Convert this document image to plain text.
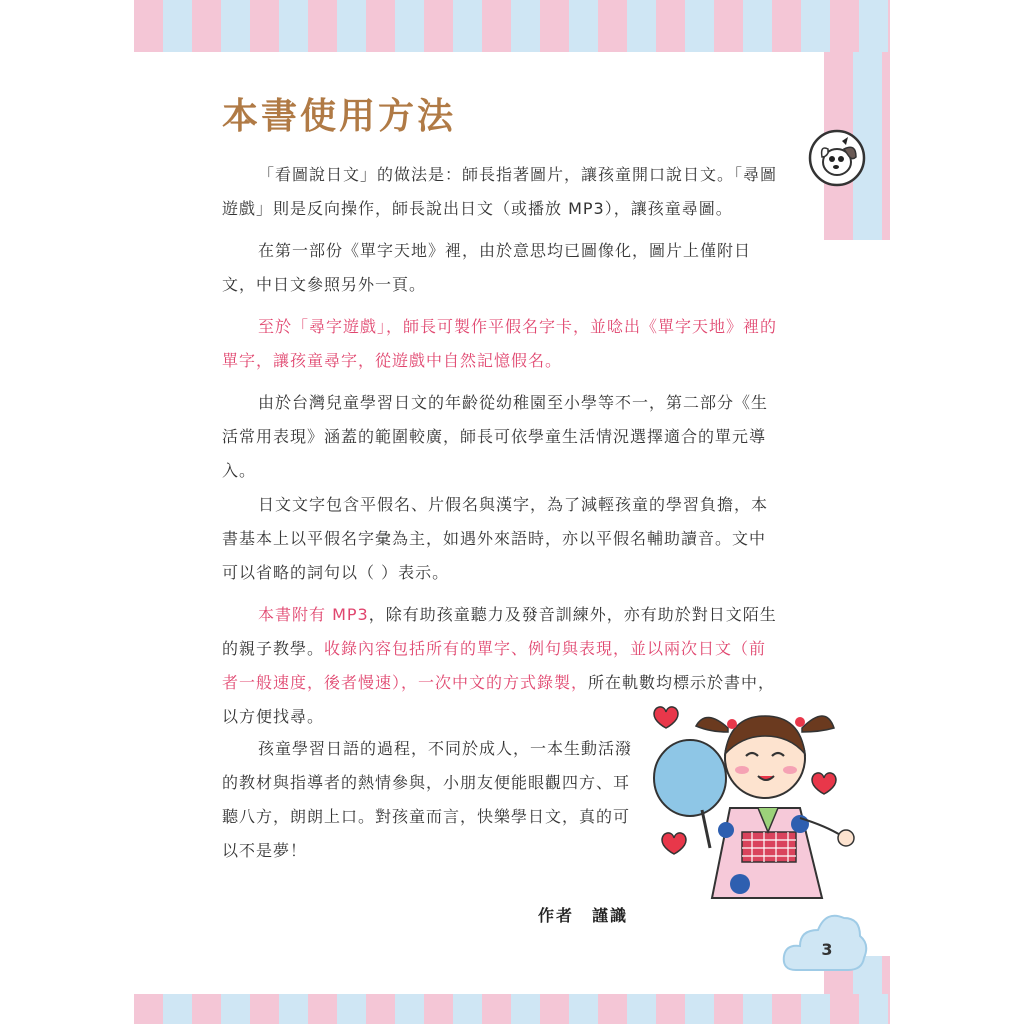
本書使用方法

「看圖說日文」的做法是：師長指著圖片，讓孩童開口說日文。「尋圖遊戲」則是反向操作，師長說出日文（或播放 MP3），讓孩童尋圖。

在第一部份《單字天地》裡，由於意思均已圖像化，圖片上僅附日文，中日文參照另外一頁。

至於「尋字遊戲」，師長可製作平假名字卡，並唸出《單字天地》裡的單字，讓孩童尋字，從遊戲中自然記憶假名。

由於台灣兒童學習日文的年齡從幼稚園至小學等不一，第二部分《生活常用表現》涵蓋的範圍較廣，師長可依學童生活情況選擇適合的單元導入。

日文文字包含平假名、片假名與漢字，為了減輕孩童的學習負擔，本書基本上以平假名字彙為主，如遇外來語時，亦以平假名輔助讀音。文中可以省略的詞句以（ ）表示。

本書附有 MP3，除有助孩童聽力及發音訓練外，亦有助於對日文陌生的親子教學。收錄內容包括所有的單字、例句與表現，並以兩次日文（前者一般速度，後者慢速），一次中文的方式錄製，所在軌數均標示於書中，以方便找尋。

孩童學習日語的過程，不同於成人，一本生動活潑的教材與指導者的熱情參與，小朋友便能眼觀四方、耳聽八方，朗朗上口。對孩童而言，快樂學日文，真的可以不是夢！

作者 謹識

3
